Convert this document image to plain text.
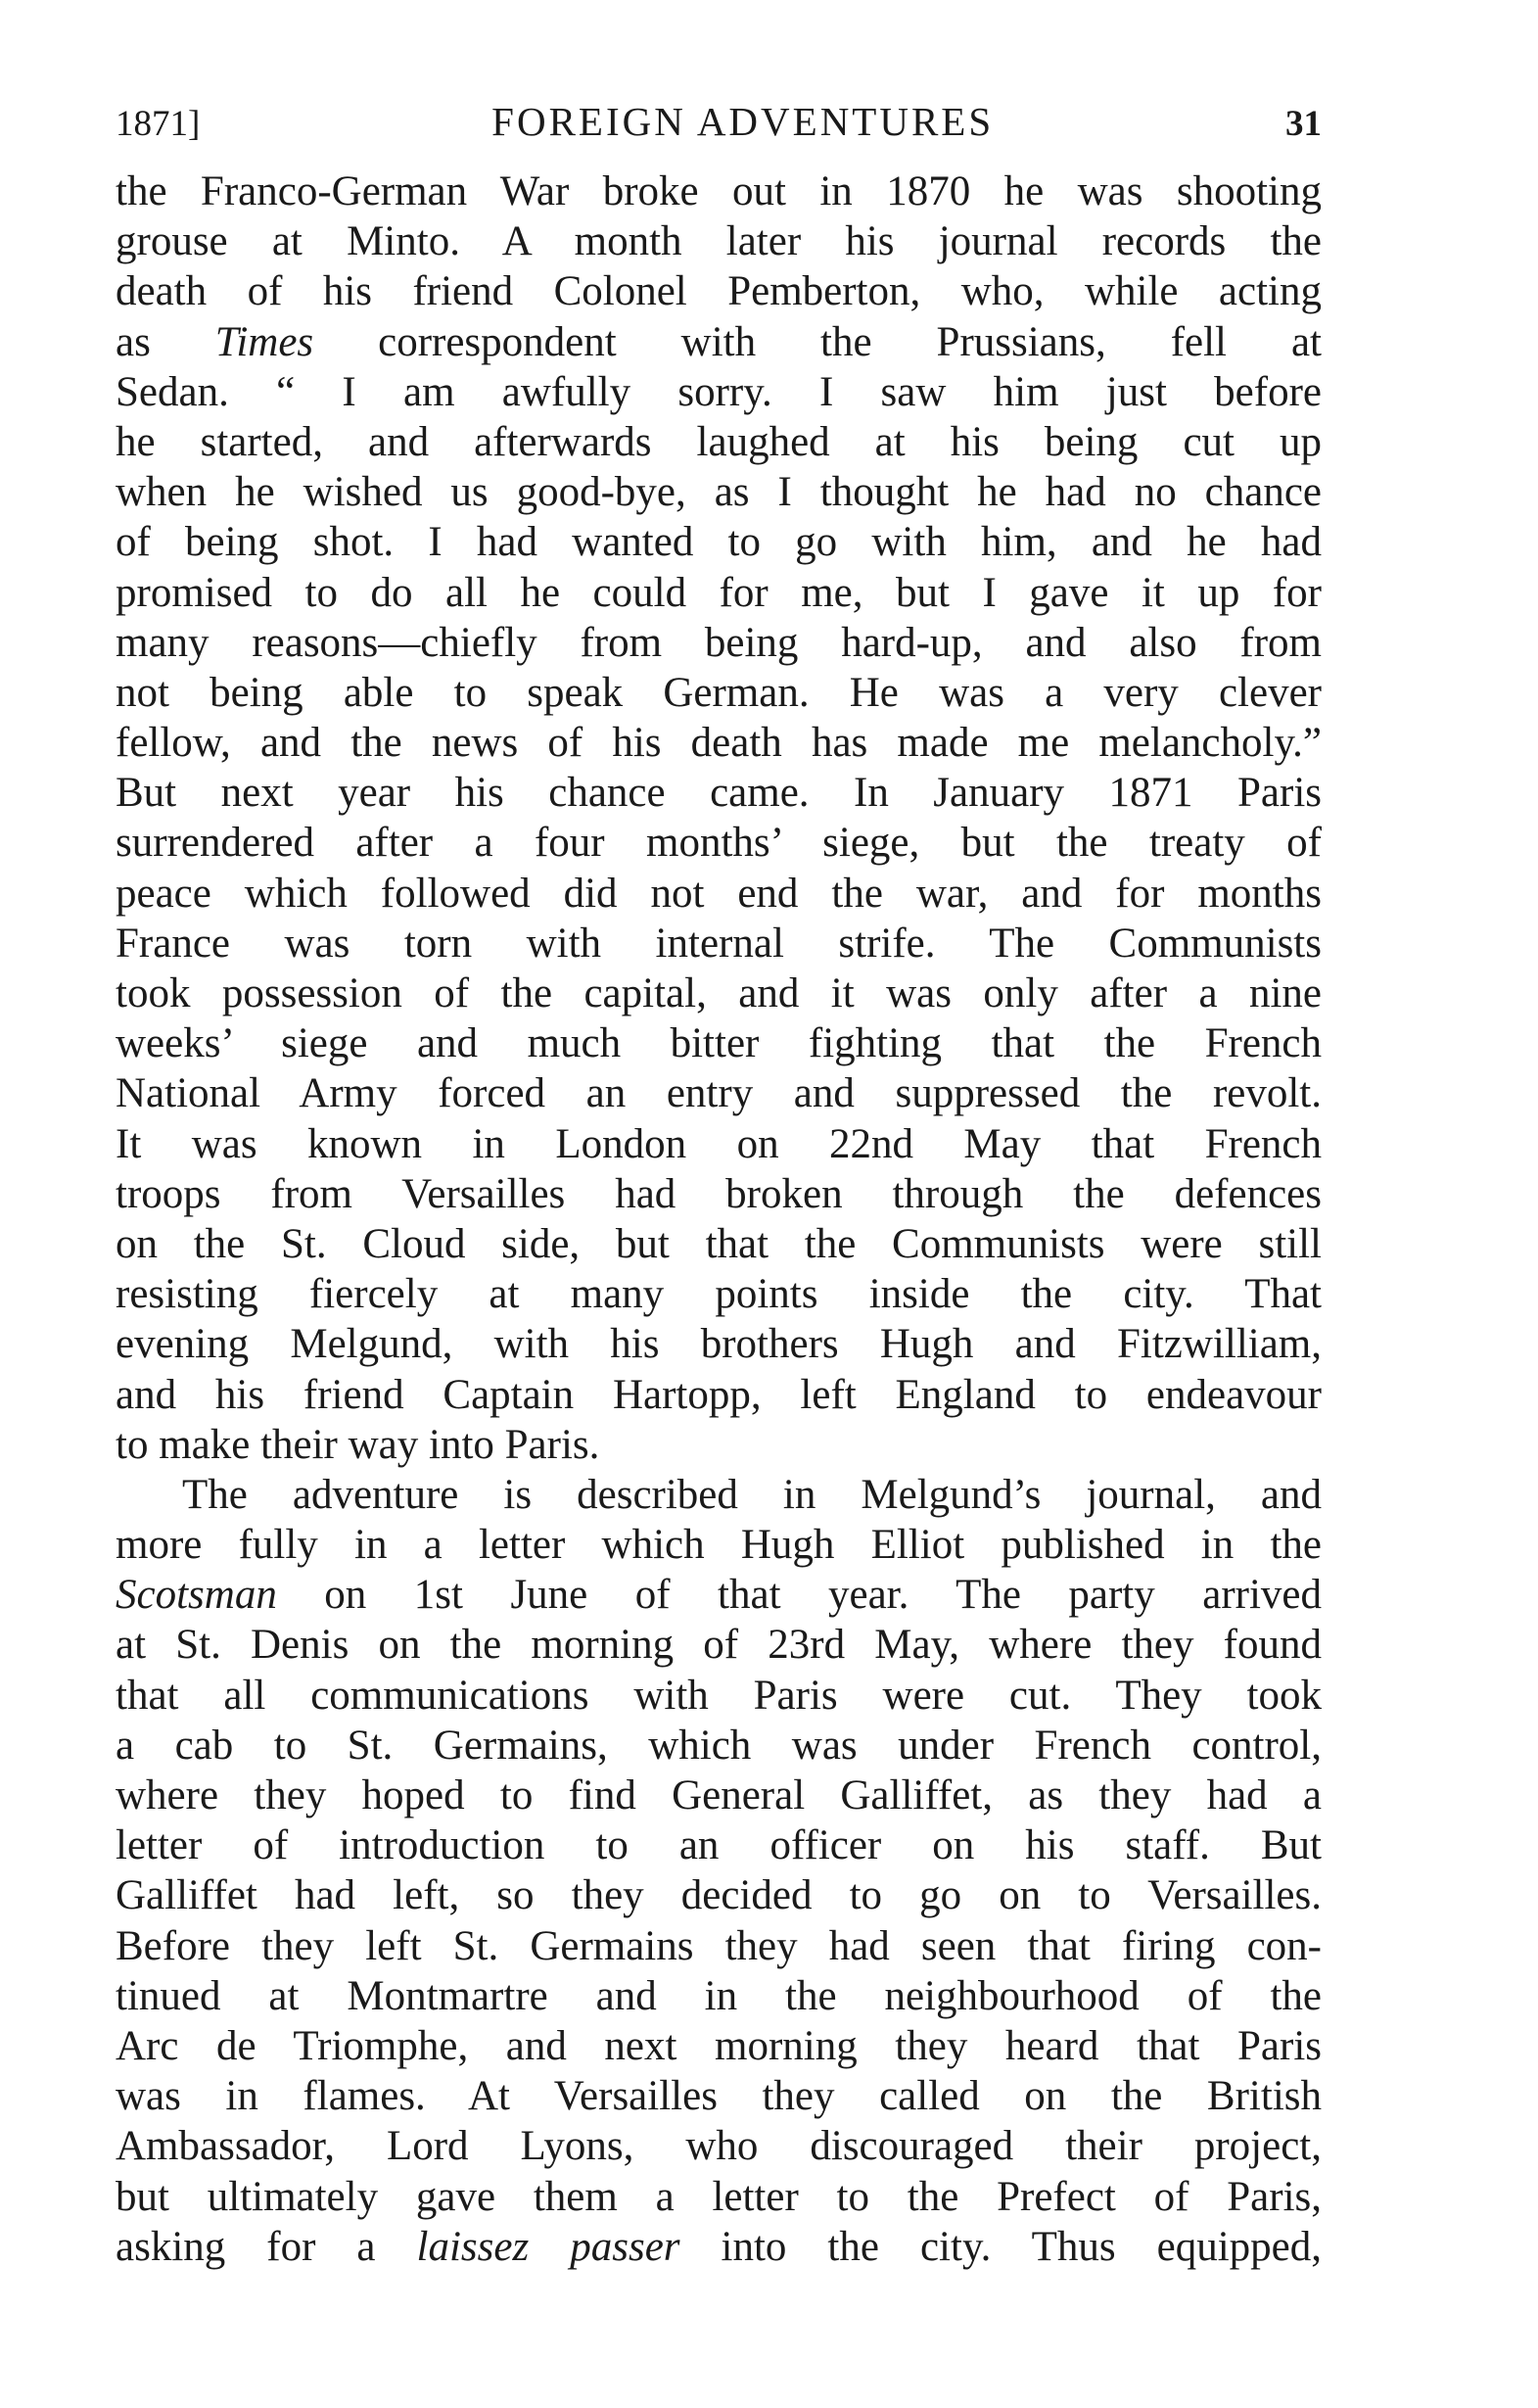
1871]	FOREIGN ADVENTURES	31
the Franco-German War broke out in 1870 he was shooting
grouse at Minto. A month later his journal records the
death of his friend Colonel Pemberton, who, while acting
as Times correspondent with the Prussians, fell at
Sedan. “ I am awfully sorry. I saw him just before
he started, and afterwards laughed at his being cut up
when he wished us good-bye, as I thought he had no chance
of being shot. I had wanted to go with him, and he had
promised to do all he could for me, but I gave it up for
many reasons—chiefly from being hard-up, and also from
not being able to speak German. He was a very clever
fellow, and the news of his death has made me melancholy.”
But next year his chance came. In January 1871 Paris
surrendered after a four months’ siege, but the treaty of
peace which followed did not end the war, and for months
France was torn with internal strife. The Communists
took possession of the capital, and it was only after a nine
weeks’ siege and much bitter fighting that the French
National Army forced an entry and suppressed the revolt.
It was known in London on 22nd May that French
troops from Versailles had broken through the defences
on the St. Cloud side, but that the Communists were still
resisting fiercely at many points inside the city. That
evening Melgund, with his brothers Hugh and Fitzwilliam,
and his friend Captain Hartopp, left England to endeavour
to make their way into Paris.
The adventure is described in Melgund’s journal, and
more fully in a letter which Hugh Elliot published in the
Scotsman on 1st June of that year. The party arrived
at St. Denis on the morning of 23rd May, where they found
that all communications with Paris were cut. They took
a cab to St. Germains, which was under French control,
where they hoped to find General Galliffet, as they had a
letter of introduction to an officer on his staff. But
Galliffet had left, so they decided to go on to Versailles.
Before they left St. Germains they had seen that firing con-
tinued at Montmartre and in the neighbourhood of the
Arc de Triomphe, and next morning they heard that Paris
was in flames. At Versailles they called on the British
Ambassador, Lord Lyons, who discouraged their project,
but ultimately gave them a letter to the Prefect of Paris,
asking for a laissez passer into the city. Thus equipped,
